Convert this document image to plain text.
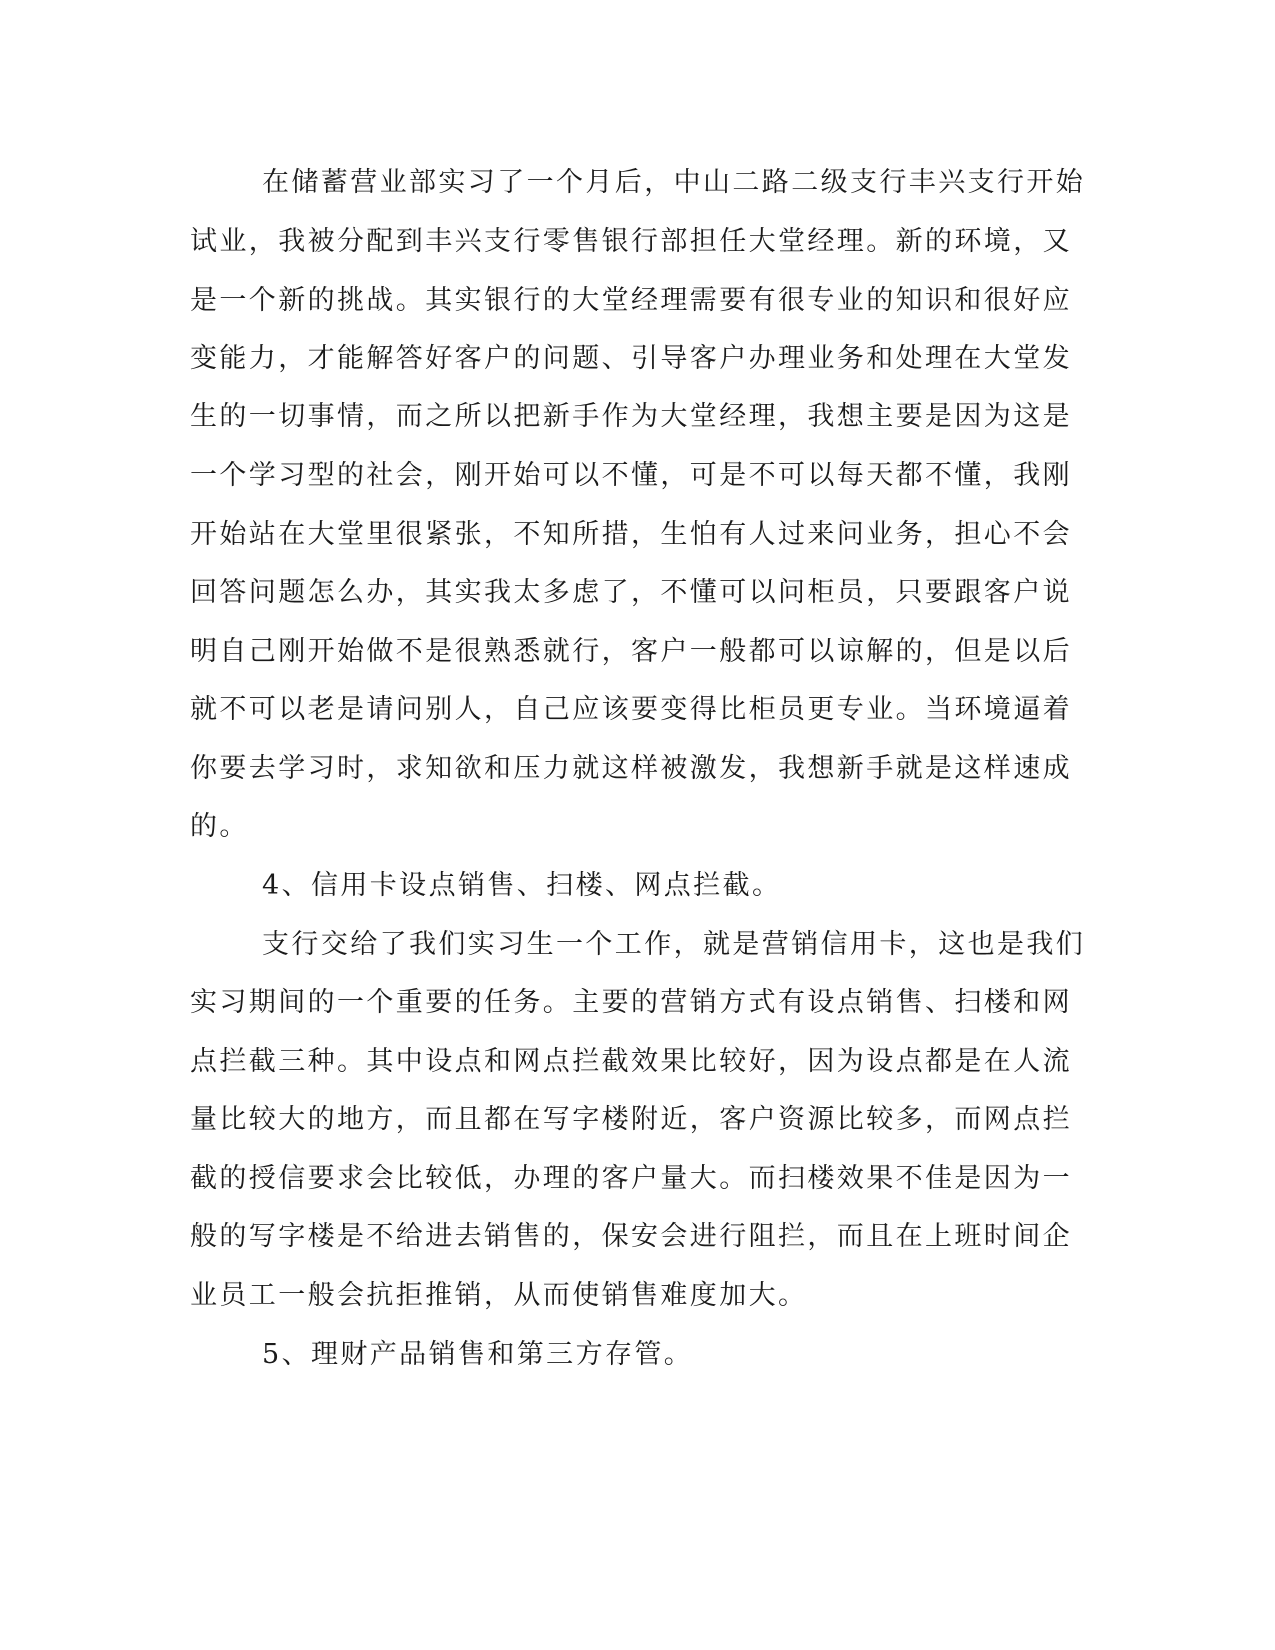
在储蓄营业部实习了一个月后，中山二路二级支行丰兴支行开始
试业，我被分配到丰兴支行零售银行部担任大堂经理。新的环境，又
是一个新的挑战。其实银行的大堂经理需要有很专业的知识和很好应
变能力，才能解答好客户的问题、引导客户办理业务和处理在大堂发
生的一切事情，而之所以把新手作为大堂经理，我想主要是因为这是
一个学习型的社会，刚开始可以不懂，可是不可以每天都不懂，我刚
开始站在大堂里很紧张，不知所措，生怕有人过来问业务，担心不会
回答问题怎么办，其实我太多虑了，不懂可以问柜员，只要跟客户说
明自己刚开始做不是很熟悉就行，客户一般都可以谅解的，但是以后
就不可以老是请问别人，自己应该要变得比柜员更专业。当环境逼着
你要去学习时，求知欲和压力就这样被激发，我想新手就是这样速成
的。
4、信用卡设点销售、扫楼、网点拦截。
支行交给了我们实习生一个工作，就是营销信用卡，这也是我们
实习期间的一个重要的任务。主要的营销方式有设点销售、扫楼和网
点拦截三种。其中设点和网点拦截效果比较好，因为设点都是在人流
量比较大的地方，而且都在写字楼附近，客户资源比较多，而网点拦
截的授信要求会比较低，办理的客户量大。而扫楼效果不佳是因为一
般的写字楼是不给进去销售的，保安会进行阻拦，而且在上班时间企
业员工一般会抗拒推销，从而使销售难度加大。
5、理财产品销售和第三方存管。
